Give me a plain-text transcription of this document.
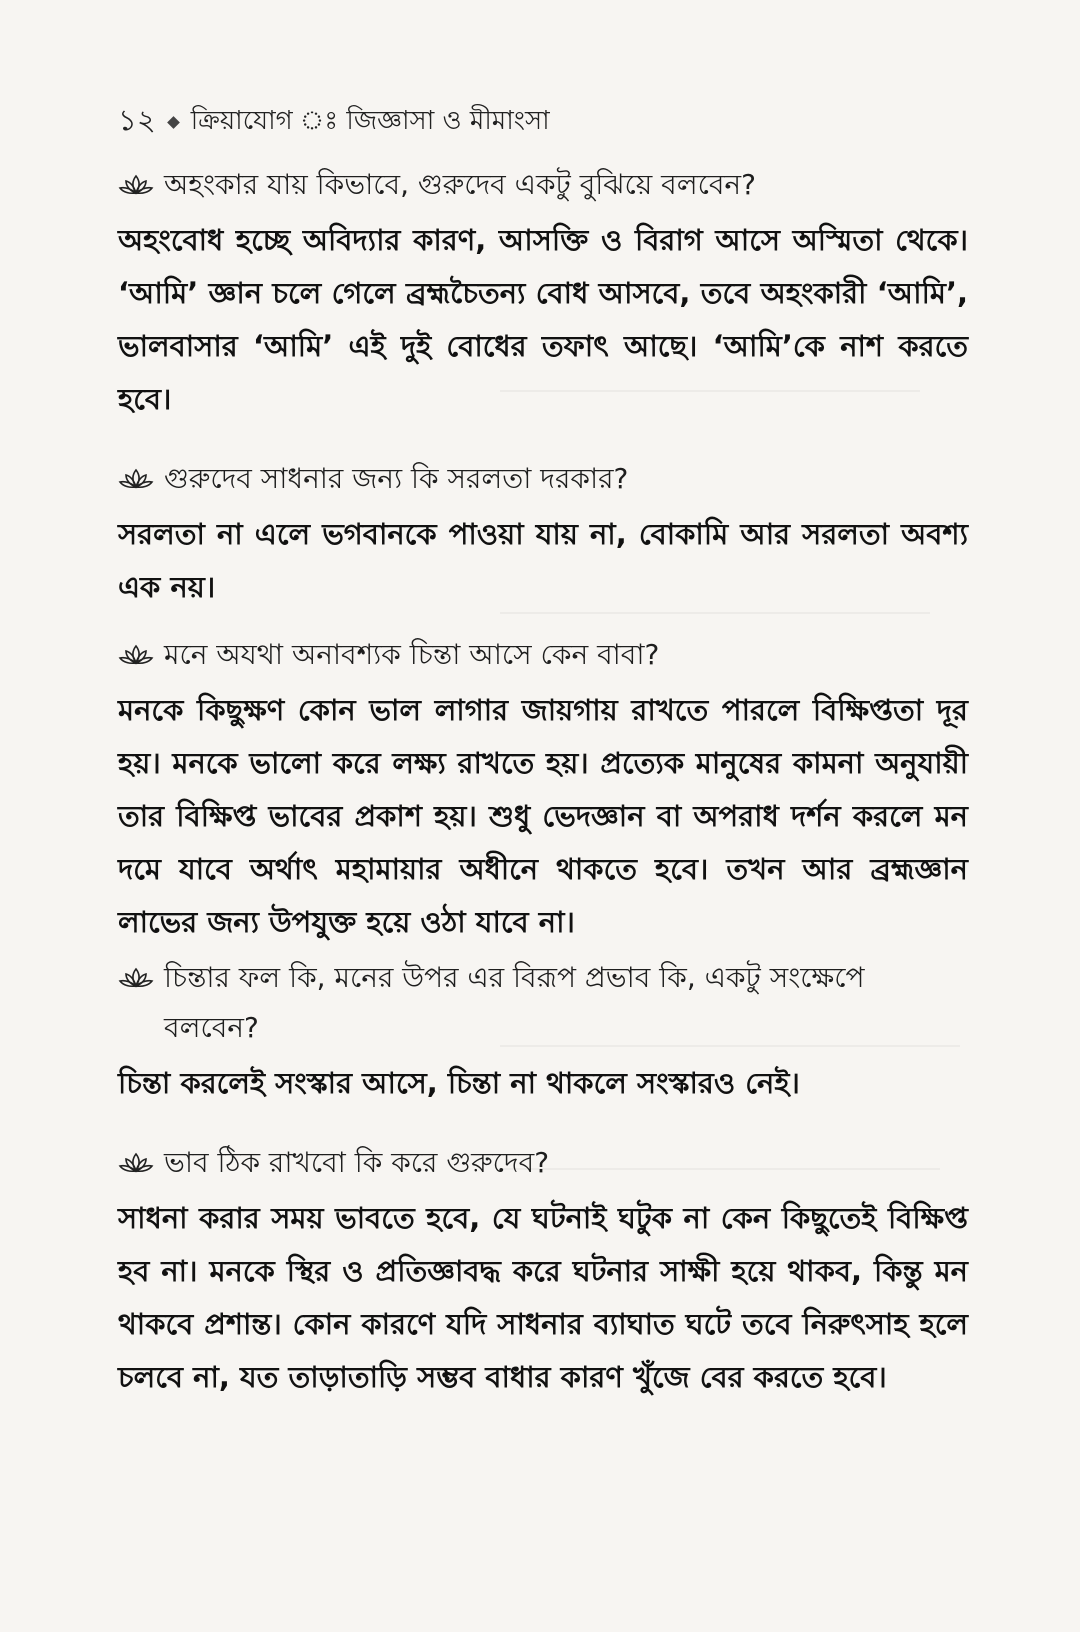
১২ ক্রিয়াযোগ ঃ জিজ্ঞাসা ও মীমাংসা
অহংকার যায় কিভাবে, গুরুদেব একটু বুঝিয়ে বলবেন?
অহংবোধ হচ্ছে অবিদ্যার কারণ, আসক্তি ও বিরাগ আসে অস্মিতা থেকে। ‘আমি’ জ্ঞান চলে গেলে ব্রহ্মচৈতন্য বোধ আসবে, তবে অহংকারী ‘আমি’, ভালবাসার ‘আমি’ এই দুই বোধের তফাৎ আছে। ‘আমি’কে নাশ করতে হবে।
গুরুদেব সাধনার জন্য কি সরলতা দরকার?
সরলতা না এলে ভগবানকে পাওয়া যায় না, বোকামি আর সরলতা অবশ্য এক নয়।
মনে অযথা অনাবশ্যক চিন্তা আসে কেন বাবা?
মনকে কিছুক্ষণ কোন ভাল লাগার জায়গায় রাখতে পারলে বিক্ষিপ্ততা দূর হয়। মনকে ভালো করে লক্ষ্য রাখতে হয়। প্রত্যেক মানুষের কামনা অনুযায়ী তার বিক্ষিপ্ত ভাবের প্রকাশ হয়। শুধু ভেদজ্ঞান বা অপরাধ দর্শন করলে মন দমে যাবে অর্থাৎ মহামায়ার অধীনে থাকতে হবে। তখন আর ব্রহ্মজ্ঞান লাভের জন্য উপযুক্ত হয়ে ওঠা যাবে না।
চিন্তার ফল কি, মনের উপর এর বিরূপ প্রভাব কি, একটু সংক্ষেপে বলবেন?
চিন্তা করলেই সংস্কার আসে, চিন্তা না থাকলে সংস্কারও নেই।
ভাব ঠিক রাখবো কি করে গুরুদেব?
সাধনা করার সময় ভাবতে হবে, যে ঘটনাই ঘটুক না কেন কিছুতেই বিক্ষিপ্ত হব না। মনকে স্থির ও প্রতিজ্ঞাবদ্ধ করে ঘটনার সাক্ষী হয়ে থাকব, কিন্তু মন থাকবে প্রশান্ত। কোন কারণে যদি সাধনার ব্যাঘাত ঘটে তবে নিরুৎসাহ হলে চলবে না, যত তাড়াতাড়ি সম্ভব বাধার কারণ খুঁজে বের করতে হবে।
